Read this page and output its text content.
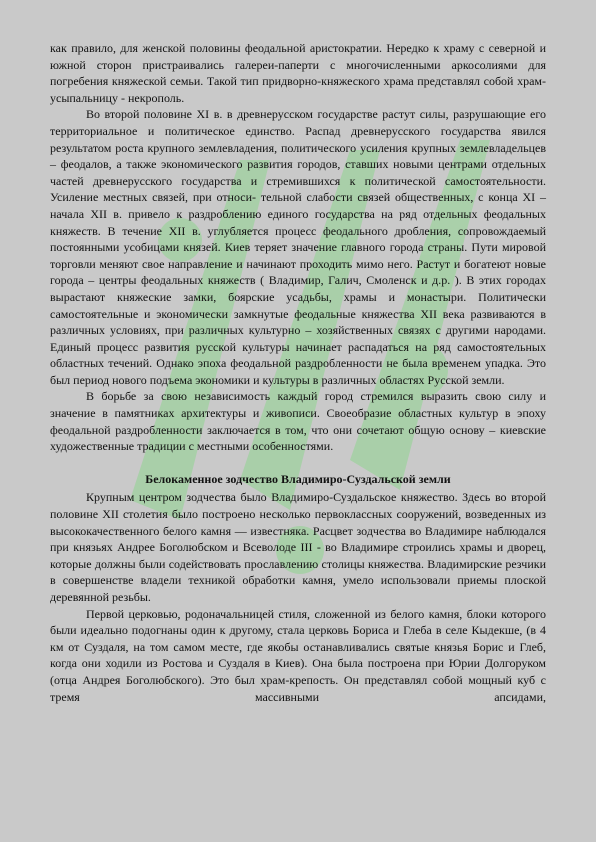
как правило, для женской половины феодальной аристократии. Нередко к храму с северной и южной сторон пристраивались галереи-паперти с многочисленными аркосолиями для погребения княжеской семьи. Такой тип придворно-княжеского храма представлял собой храм-усыпальницу - некрополь.

Во второй половине XI в. в древнерусском государстве растут силы, разрушающие его территориальное и политическое единство. Распад древнерусского государства явился результатом роста крупного землевладения, политического усиления крупных землевладельцев – феодалов, а также экономического развития городов, ставших новыми центрами отдельных частей древнерусского государства и стремившихся к политической самостоятельности. Усиление местных связей, при относи- тельной слабости связей общественных, с конца XI –начала XII в. привело к раздроблению единого государства на ряд отдельных феодальных княжеств. В течение XII в. углубляется процесс феодального дробления, сопровождаемый постоянными усобицами князей. Киев теряет значение главного города страны. Пути мировой торговли меняют свое направление и начинают проходить мимо него. Растут и богатеют новые города – центры феодальных княжеств ( Владимир, Галич, Смоленск и д.р. ). В этих городах вырастают княжеские замки, боярские усадьбы, храмы и монастыри. Политически самостоятельные и экономически замкнутые феодальные княжества XII века развиваются в различных условиях, при различных культурно – хозяйственных связях с другими народами. Единый процесс развития русской культуры начинает распадаться на ряд самостоятельных областных течений. Однако эпоха феодальной раздробленности не была временем упадка. Это был период нового подъема экономики и культуры в различных областях Русской земли.

В борьбе за свою независимость каждый город стремился выразить свою силу и значение в памятниках архитектуры и живописи. Своеобразие областных культур в эпоху феодальной раздробленности заключается в том, что они сочетают общую основу – киевские художественные традиции с местными особенностями.

Белокаменное зодчество Владимиро-Суздальской земли

Крупным центром зодчества было Владимиро-Суздальское княжество. Здесь во второй половине XII столетия было построено несколько первоклассных сооружений, возведенных из высококачественного белого камня — известняка. Расцвет зодчества во Владимире наблюдался при князьях Андрее Боголюбском и Всеволоде III - во Владимире строились храмы и дворец, которые должны были содействовать прославлению столицы княжества. Владимирские резчики в совершенстве владели техникой обработки камня, умело использовали приемы плоской деревянной резьбы.

Первой церковью, родоначальницей стиля, сложенной из белого камня, блоки которого были идеально подогнаны один к другому, стала церковь Бориса и Глеба в селе Кыдекше, (в 4 км от Суздаля, на том самом месте, где якобы останавливались святые князья Борис и Глеб, когда они ходили из Ростова и Суздаля в Киев). Она была построена при Юрии Долгоруком (отца Андрея Боголюбского). Это был храм-крепость. Он представлял собой мощный куб с тремя массивными апсидами,
